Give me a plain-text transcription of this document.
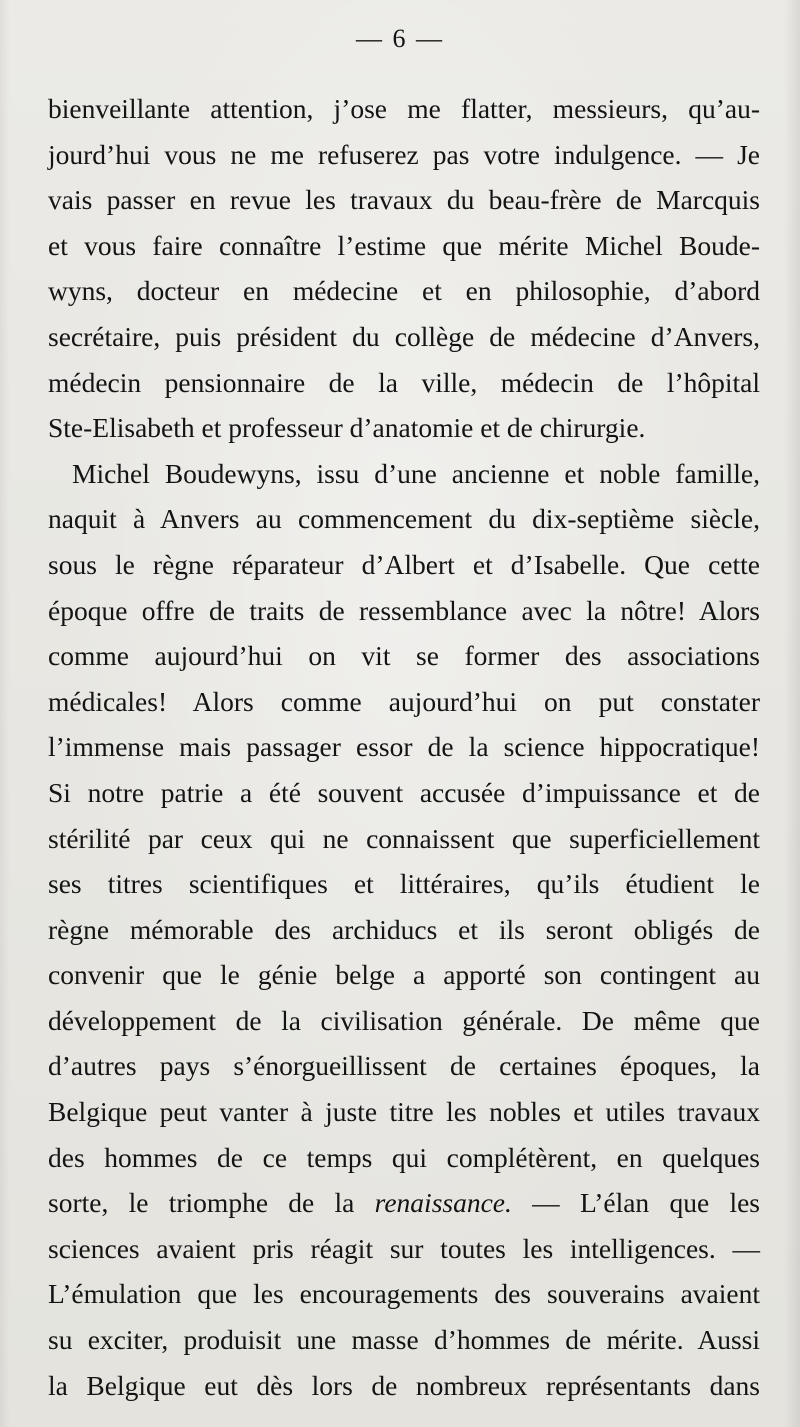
— 6 —
bienveillante attention, j’ose me flatter, messieurs, qu’au-
jourd’hui vous ne me refuserez pas votre indulgence. — Je
vais passer en revue les travaux du beau-frère de Marcquis
et vous faire connaître l’estime que mérite Michel Boude-
wyns, docteur en médecine et en philosophie, d’abord
secrétaire, puis président du collège de médecine d’Anvers,
médecin pensionnaire de la ville, médecin de l’hôpital
Ste-Elisabeth et professeur d’anatomie et de chirurgie.
Michel Boudewyns, issu d’une ancienne et noble famille,
naquit à Anvers au commencement du dix-septième siècle,
sous le règne réparateur d’Albert et d’Isabelle. Que cette
époque offre de traits de ressemblance avec la nôtre! Alors
comme aujourd’hui on vit se former des associations
médicales! Alors comme aujourd’hui on put constater
l’immense mais passager essor de la science hippocratique!
Si notre patrie a été souvent accusée d’impuissance et de
stérilité par ceux qui ne connaissent que superficiellement
ses titres scientifiques et littéraires, qu’ils étudient le
règne mémorable des archiducs et ils seront obligés de
convenir que le génie belge a apporté son contingent au
développement de la civilisation générale. De même que
d’autres pays s’énorgueillissent de certaines époques, la
Belgique peut vanter à juste titre les nobles et utiles travaux
des hommes de ce temps qui complétèrent, en quelques
sorte, le triomphe de la renaissance. — L’élan que les
sciences avaient pris réagit sur toutes les intelligences. —
L’émulation que les encouragements des souverains avaient
su exciter, produisit une masse d’hommes de mérite. Aussi
la Belgique eut dès lors de nombreux représentants dans
